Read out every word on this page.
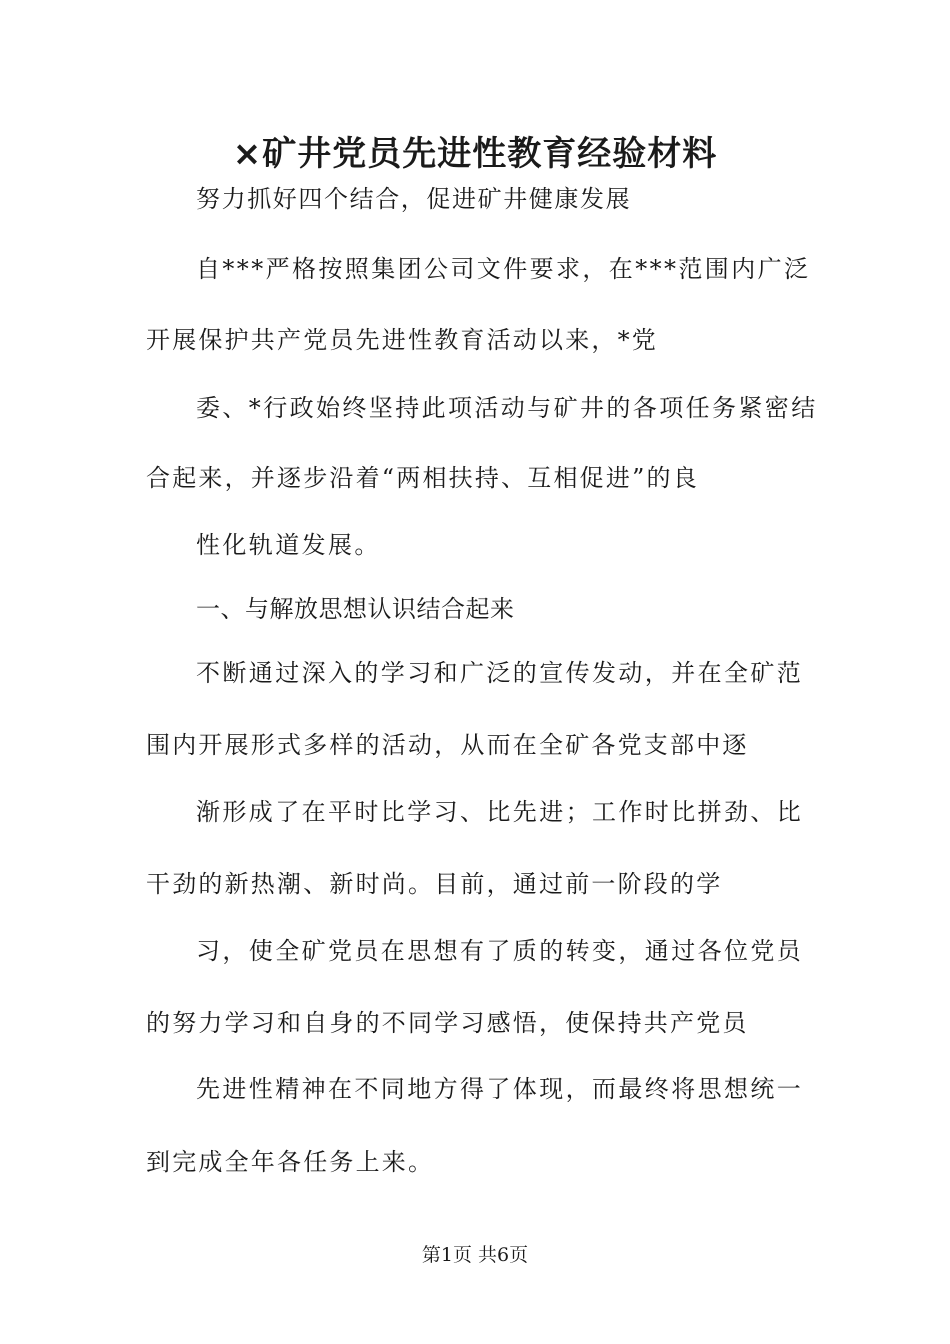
×矿井党员先进性教育经验材料

努力抓好四个结合，促进矿井健康发展

自***严格按照集团公司文件要求，在***范围内广泛

开展保护共产党员先进性教育活动以来，*党

委、*行政始终坚持此项活动与矿井的各项任务紧密结

合起来，并逐步沿着“两相扶持、互相促进”的良

性化轨道发展。

一、与解放思想认识结合起来

不断通过深入的学习和广泛的宣传发动，并在全矿范

围内开展形式多样的活动，从而在全矿各党支部中逐

渐形成了在平时比学习、比先进；工作时比拼劲、比

干劲的新热潮、新时尚。目前，通过前一阶段的学

习，使全矿党员在思想有了质的转变，通过各位党员

的努力学习和自身的不同学习感悟，使保持共产党员

先进性精神在不同地方得了体现，而最终将思想统一

到完成全年各任务上来。

第1页 共6页
